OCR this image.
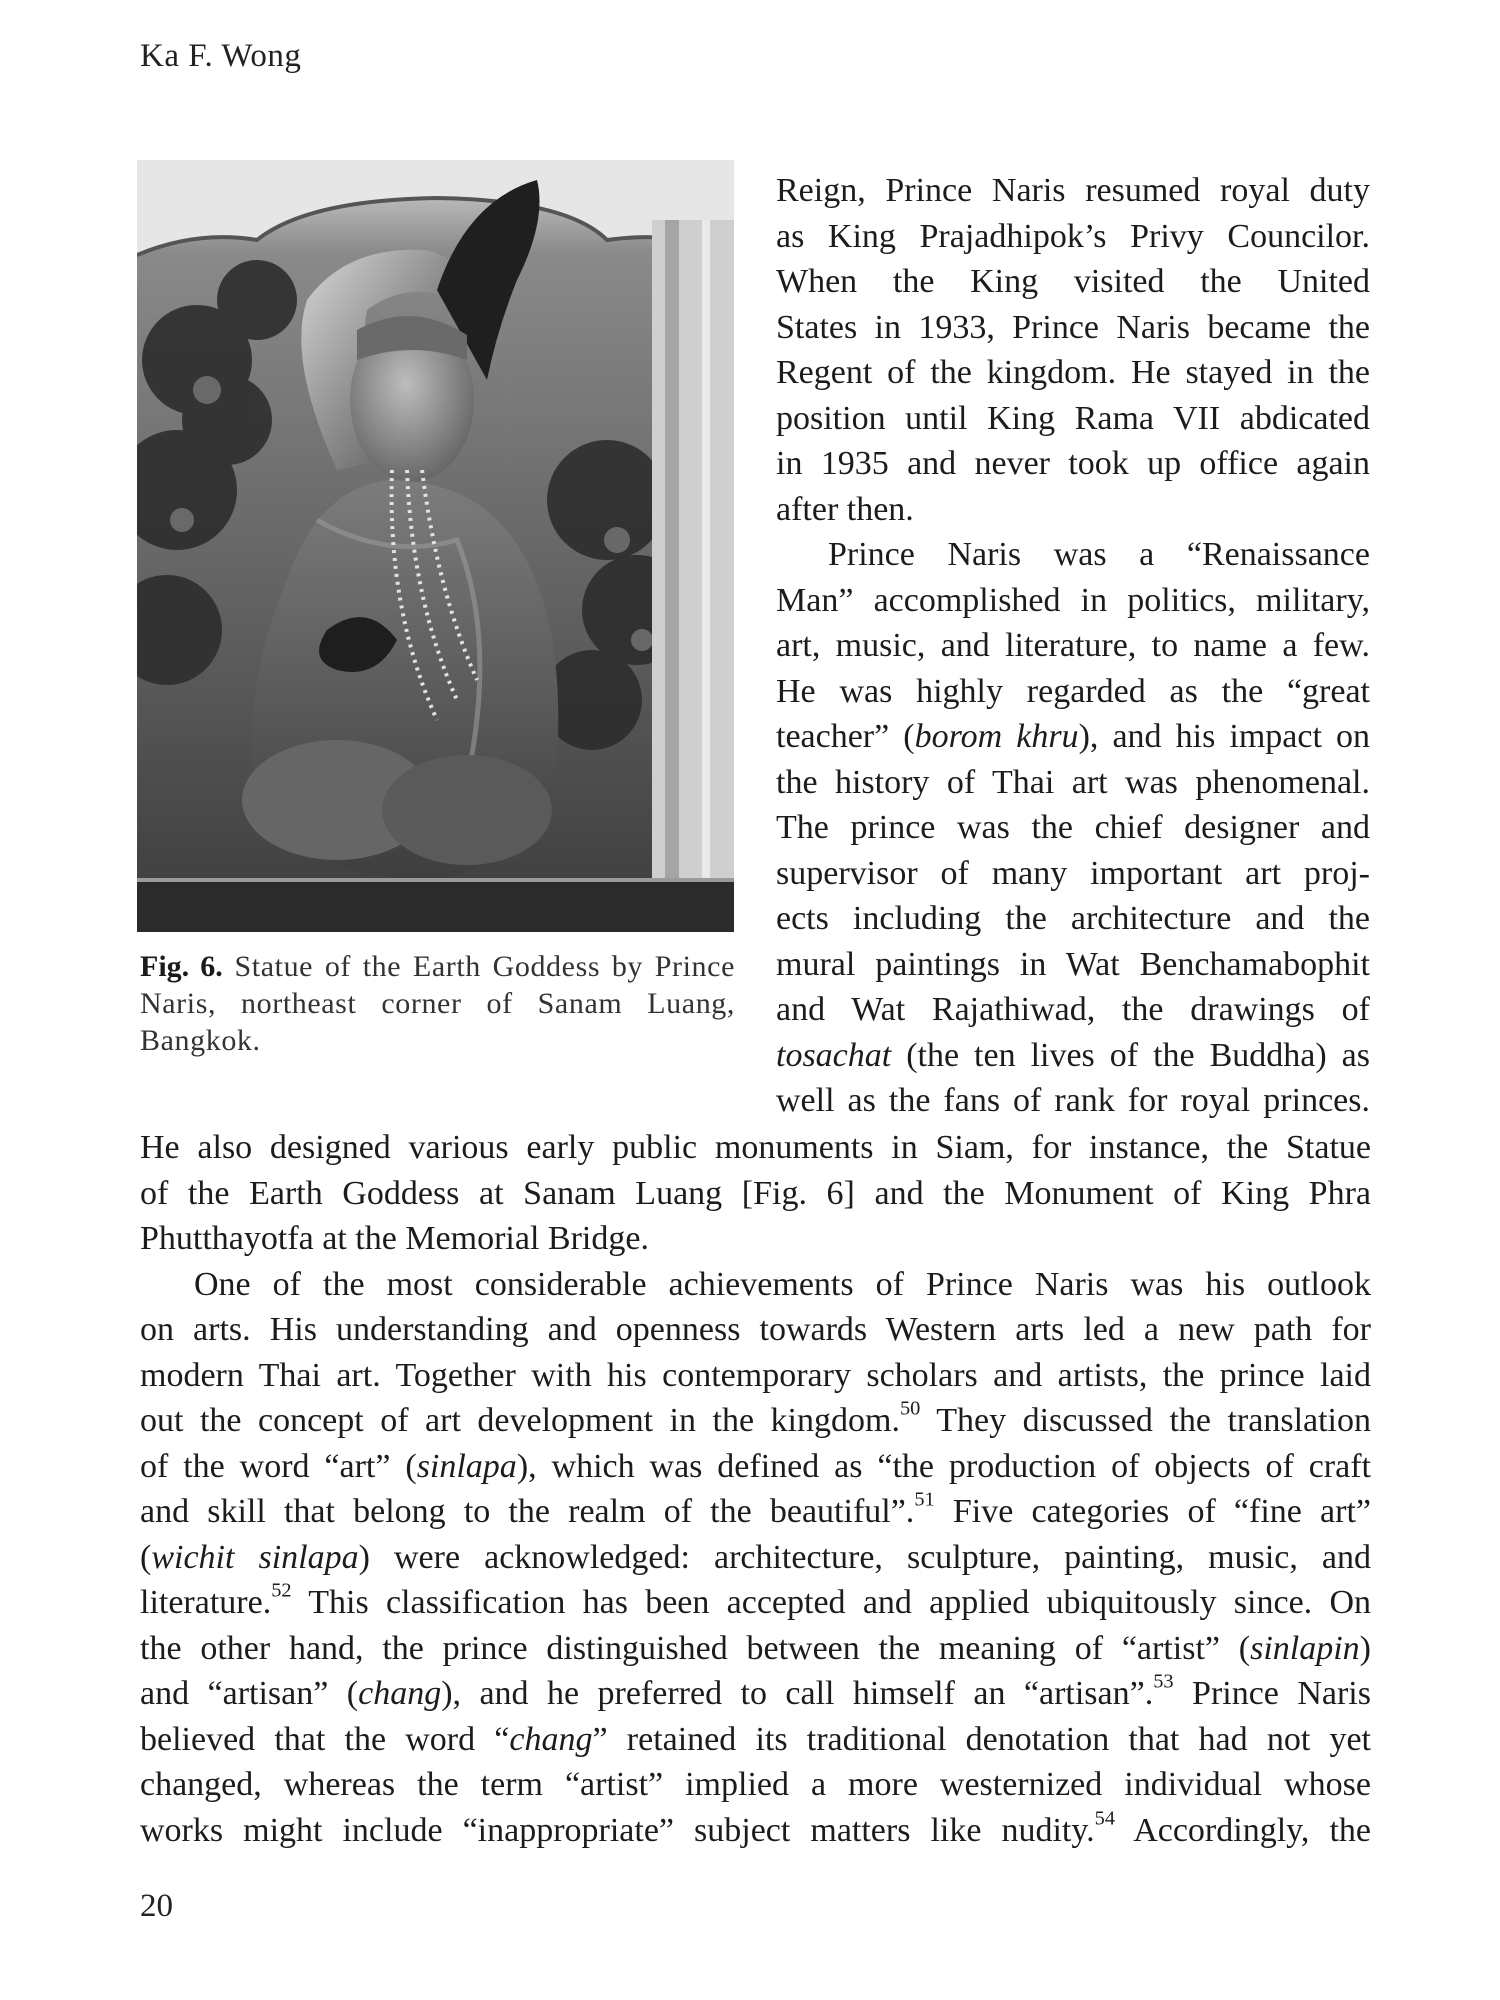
Ka F. Wong
Fig. 6. Statue of the Earth Goddess by Prince Naris, northeast corner of Sanam Luang, Bangkok.
Reign, Prince Naris resumed royal duty
as King Prajadhipok’s Privy Councilor.
When the King visited the United
States in 1933, Prince Naris became the
Regent of the kingdom. He stayed in the
position until King Rama VII abdicated
in 1935 and never took up office again
after then.
Prince Naris was a “Renaissance
Man” accomplished in politics, military,
art, music, and literature, to name a few.
He was highly regarded as the “great
teacher” (borom khru), and his impact on
the history of Thai art was phenomenal.
The prince was the chief designer and
supervisor of many important art proj-
ects including the architecture and the
mural paintings in Wat Benchamabophit
and Wat Rajathiwad, the drawings of
tosachat (the ten lives of the Buddha) as
well as the fans of rank for royal princes.
He also designed various early public monuments in Siam, for instance, the Statue
of the Earth Goddess at Sanam Luang [Fig. 6] and the Monument of King Phra
Phutthayotfa at the Memorial Bridge.
One of the most considerable achievements of Prince Naris was his outlook
on arts. His understanding and openness towards Western arts led a new path for
modern Thai art. Together with his contemporary scholars and artists, the prince laid
out the concept of art development in the kingdom.$^{50}$ They discussed the translation
of the word “art” (sinlapa), which was defined as “the production of objects of craft
and skill that belong to the realm of the beautiful”.$^{51}$ Five categories of “fine art”
(wichit sinlapa) were acknowledged: architecture, sculpture, painting, music, and
literature.$^{52}$ This classification has been accepted and applied ubiquitously since. On
the other hand, the prince distinguished between the meaning of “artist” (sinlapin)
and “artisan” (chang), and he preferred to call himself an “artisan”.$^{53}$ Prince Naris
believed that the word “chang” retained its traditional denotation that had not yet
changed, whereas the term “artist” implied a more westernized individual whose
works might include “inappropriate” subject matters like nudity.$^{54}$ Accordingly, the
20
